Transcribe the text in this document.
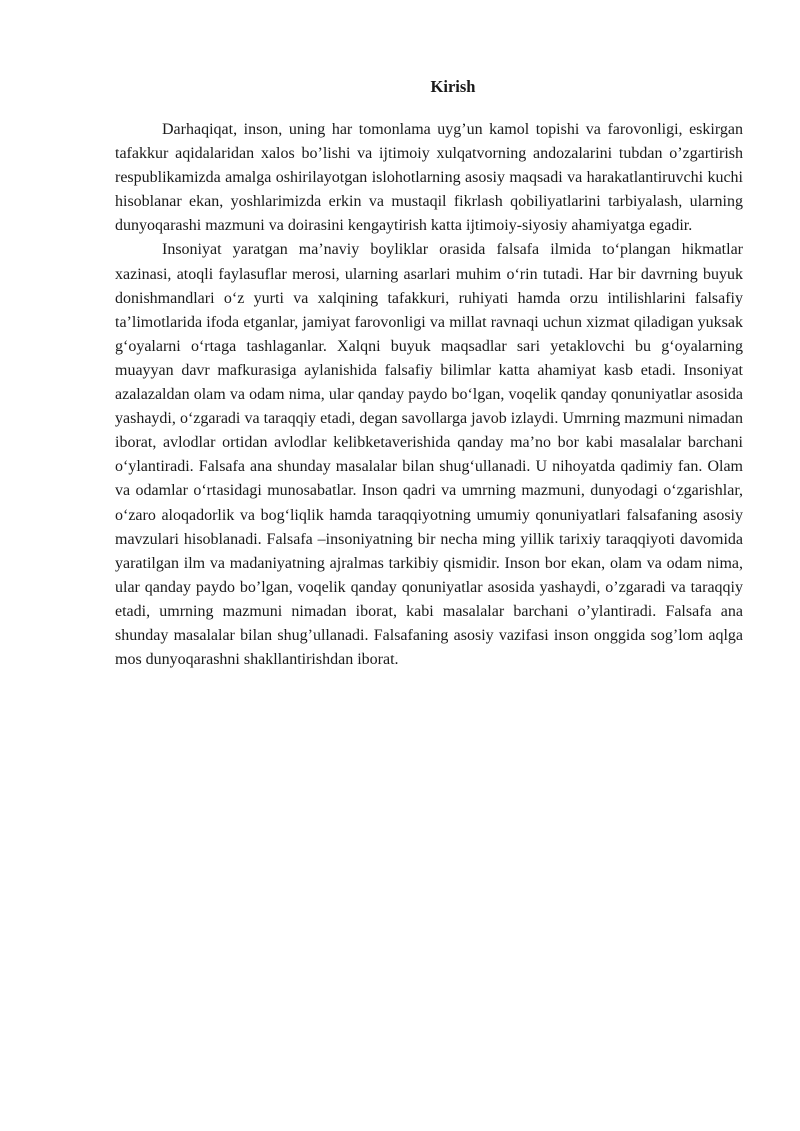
Kirish

Darhaqiqat, inson, uning har tomonlama uyg’un kamol topishi va farovonligi, eskirgan tafakkur aqidalaridan xalos bo’lishi va ijtimoiy xulqatvorning andozalarini tubdan o’zgartirish respublikamizda amalga oshirilayotgan islohotlarning asosiy maqsadi va harakatlantiruvchi kuchi hisoblanar ekan, yoshlarimizda erkin va mustaqil fikrlash qobiliyatlarini tarbiyalash, ularning dunyoqarashi mazmuni va doirasini kengaytirish katta ijtimoiy-siyosiy ahamiyatga egadir.

Insoniyat yaratgan ma’naviy boyliklar orasida falsafa ilmida toʻplangan hikmatlar xazinasi, atoqli faylasuflar merosi, ularning asarlari muhim oʻrin tutadi. Har bir davrning buyuk donishmandlari oʻz yurti va xalqining tafakkuri, ruhiyati hamda orzu intilishlarini falsafiy ta’limotlarida ifoda etganlar, jamiyat farovonligi va millat ravnaqi uchun xizmat qiladigan yuksak gʻoyalarni oʻrtaga tashlaganlar. Xalqni buyuk maqsadlar sari yetaklovchi bu gʻoyalarning muayyan davr mafkurasiga aylanishida falsafiy bilimlar katta ahamiyat kasb etadi. Insoniyat azalazaldan olam va odam nima, ular qanday paydo boʻlgan, voqelik qanday qonuniyatlar asosida yashaydi, oʻzgaradi va taraqqiy etadi, degan savollarga javob izlaydi. Umrning mazmuni nimadan iborat, avlodlar ortidan avlodlar kelibketaverishida qanday ma’no bor kabi masalalar barchani oʻylantiradi. Falsafa ana shunday masalalar bilan shugʻullanadi. U nihoyatda qadimiy fan. Olam va odamlar oʻrtasidagi munosabatlar. Inson qadri va umrning mazmuni, dunyodagi oʻzgarishlar, oʻzaro aloqadorlik va bogʻliqlik hamda taraqqiyotning umumiy qonuniyatlari falsafaning asosiy mavzulari hisoblanadi. Falsafa –insoniyatning bir necha ming yillik tarixiy taraqqiyoti davomida yaratilgan ilm va madaniyatning ajralmas tarkibiy qismidir. Inson bor ekan, olam va odam nima, ular qanday paydo bo’lgan, voqelik qanday qonuniyatlar asosida yashaydi, o’zgaradi va taraqqiy etadi, umrning mazmuni nimadan iborat, kabi masalalar barchani o’ylantiradi. Falsafa ana shunday masalalar bilan shug’ullanadi. Falsafaning asosiy vazifasi inson onggida sog’lom aqlga mos dunyoqarashni shakllantirishdan iborat.
